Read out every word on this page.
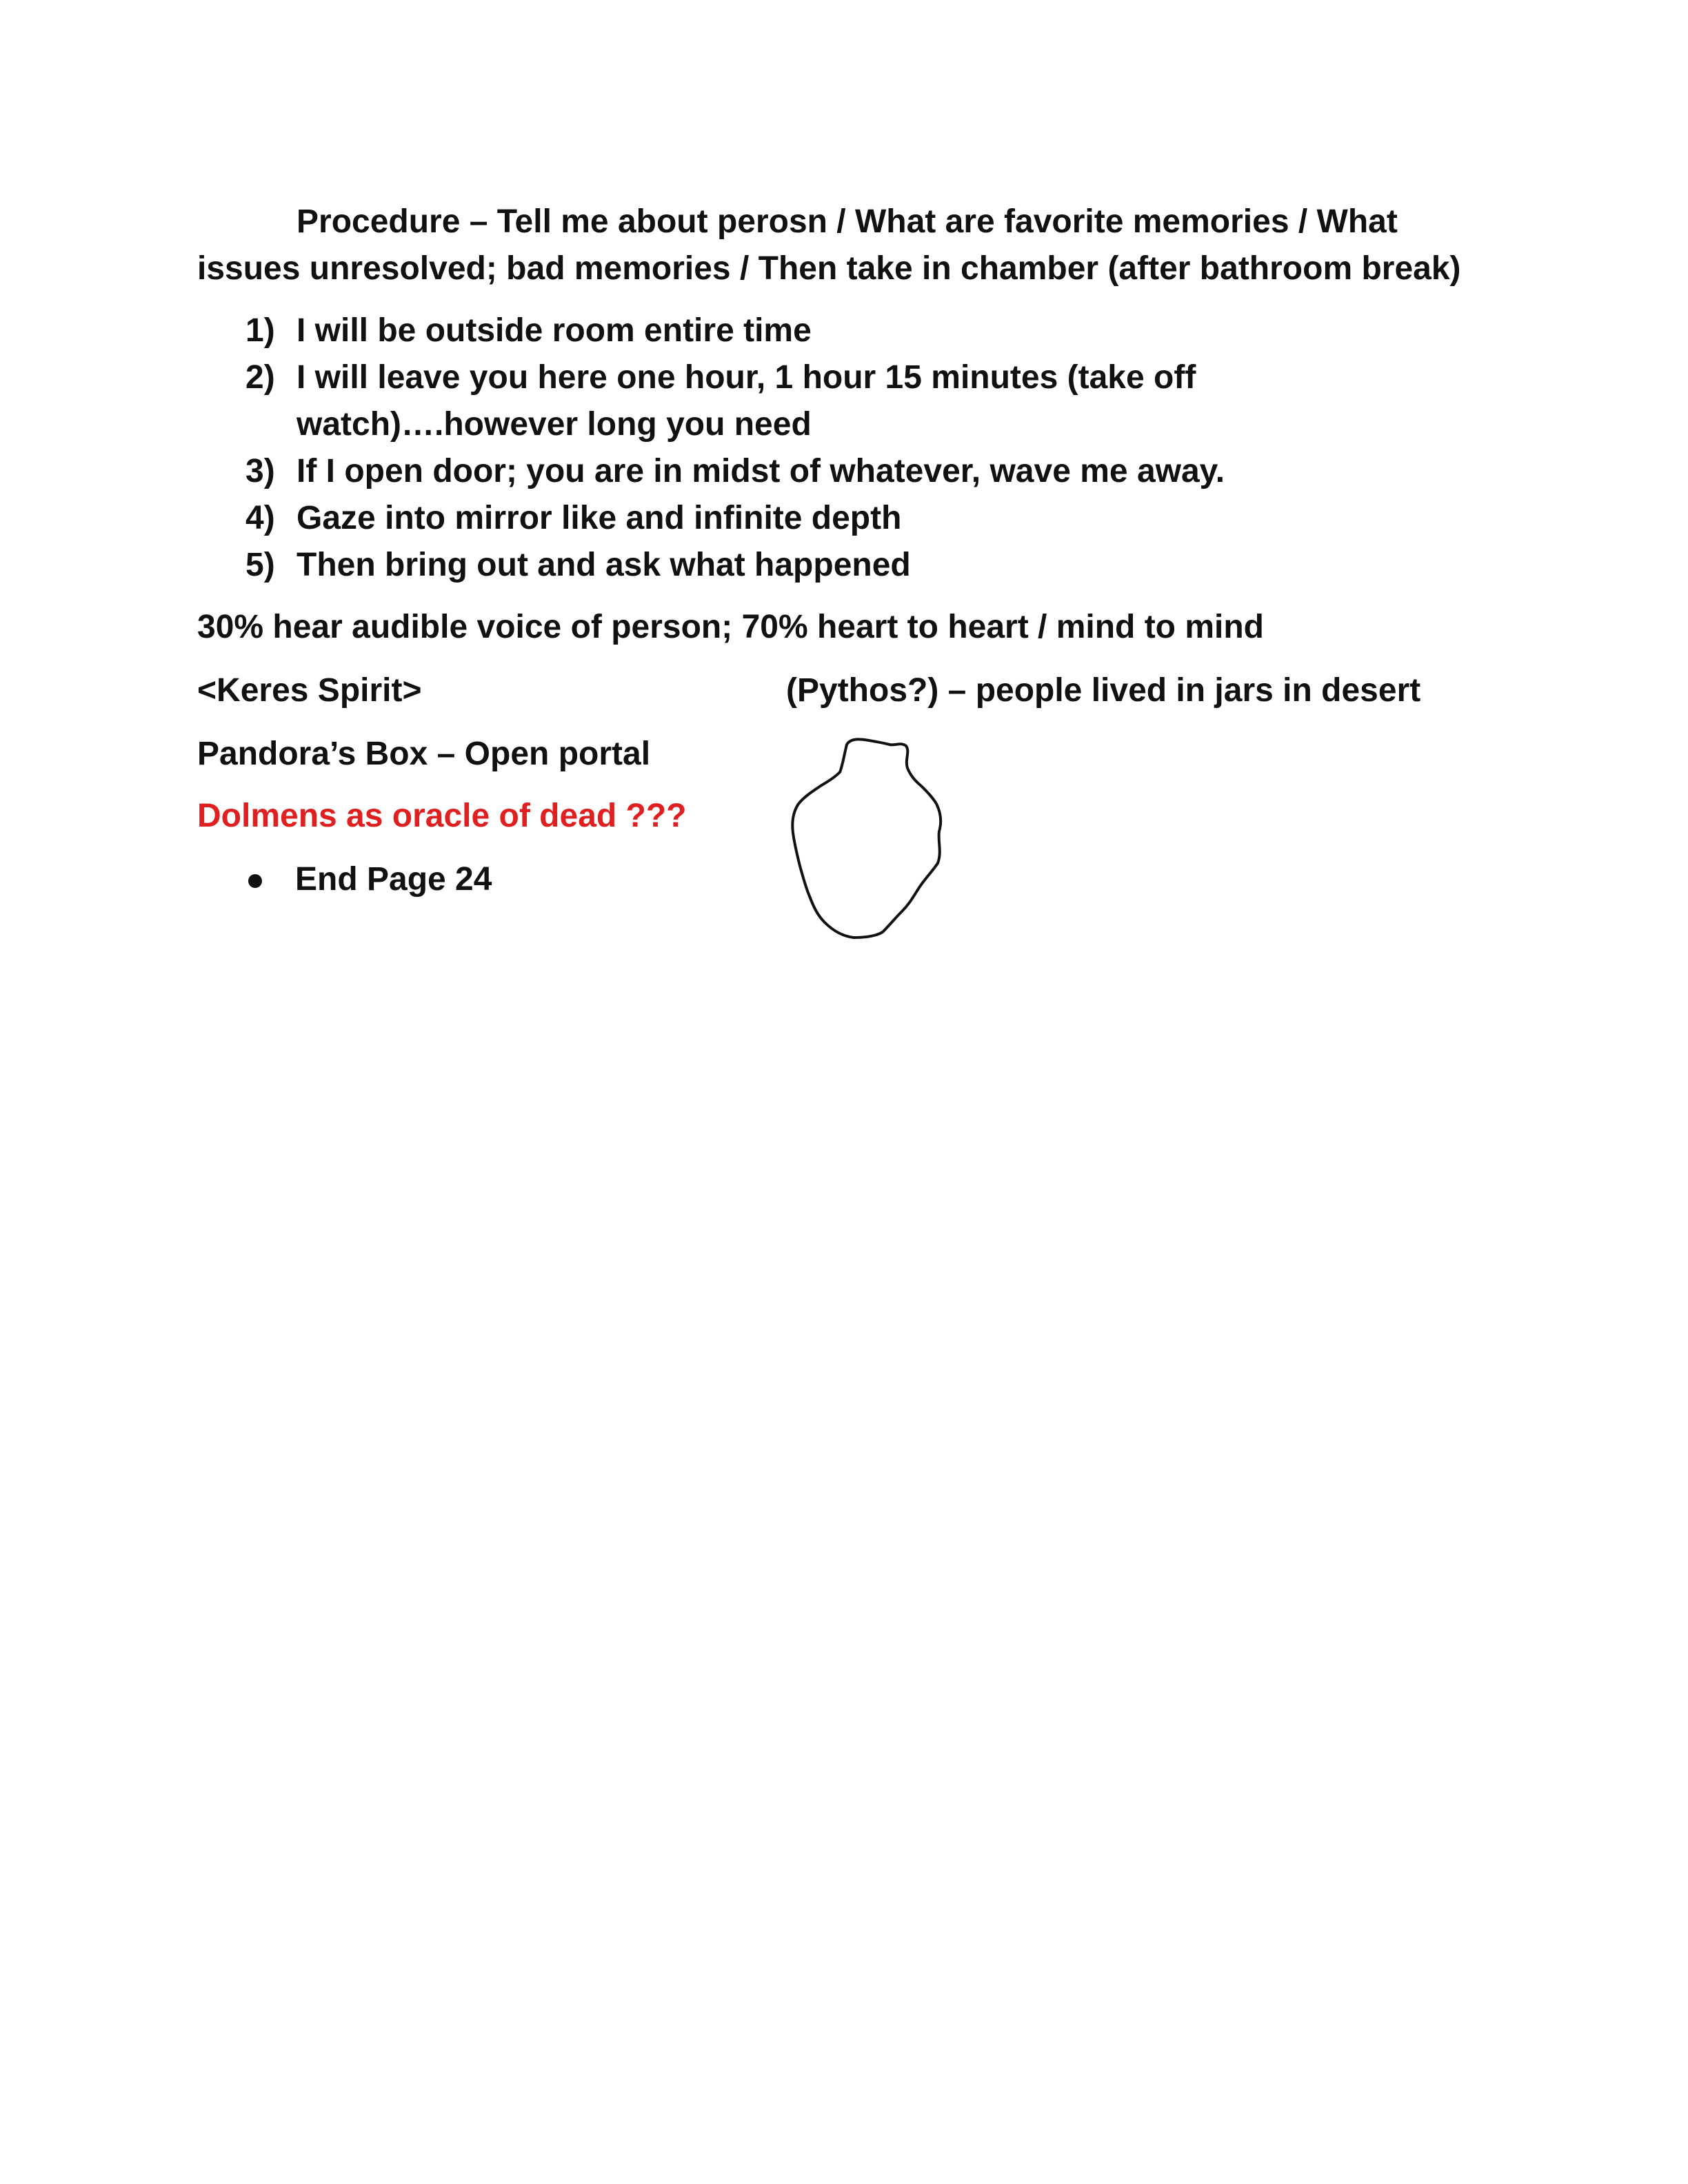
Procedure – Tell me about perosn / What are favorite memories / What
issues unresolved; bad memories / Then take in chamber (after bathroom break)
1) I will be outside room entire time
2) I will leave you here one hour, 1 hour 15 minutes (take off
watch)….however long you need
3) If I open door; you are in midst of whatever, wave me away.
4) Gaze into mirror like and infinite depth
5) Then bring out and ask what happened
30% hear audible voice of person; 70% heart to heart / mind to mind
<Keres Spirit>	(Pythos?) – people lived in jars in desert
Pandora’s Box – Open portal
Dolmens as oracle of dead ???
End Page 24
